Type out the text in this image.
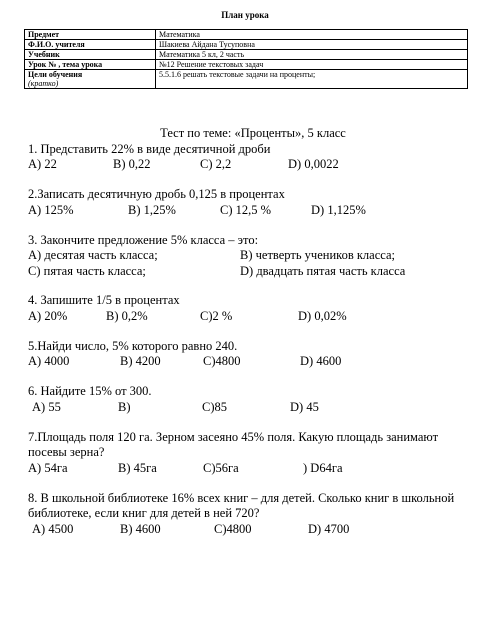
План урока
Предмет	Математика
Ф.И.О. учителя	Шакиева Айдана Тусуповна
Учебник	Математика 5 кл, 2 часть
Урок № , тема урока	№12 Решение текстовых задач
Цели обучения
(кратко)	5.5.1.6 решать текстовые задачи на проценты;
Тест по теме: «Проценты», 5 класс
1. Представить 22% в виде десятичной дроби
А) 22	В) 0,22	С) 2,2	D) 0,0022
2.Записать десятичную дробь 0,125 в процентах
А) 125%	В) 1,25%	С) 12,5 %	D) 1,125%
3. Закончите предложение 5% класса – это:
А) десятая часть класса;	В) четверть учеников класса;
С) пятая часть класса;	D) двадцать пятая часть класса
4. Запишите 1/5 в процентах
А) 20%	В) 0,2%	С)2 %	D) 0,02%
5.Найди число, 5% которого равно 240.
А) 4000	В) 4200	С)4800	D) 4600
6. Найдите 15% от 300.
А) 55	В)	С)85	D) 45
7.Площадь поля 120 га. Зерном засеяно 45% поля. Какую площадь занимают посевы зерна?
А) 54га	В) 45га	С)56га	) D64га
8. В школьной библиотеке 16% всех книг – для детей. Сколько книг в школьной библиотеке, если книг для детей в ней 720?
А) 4500	В) 4600	С)4800	D) 4700
